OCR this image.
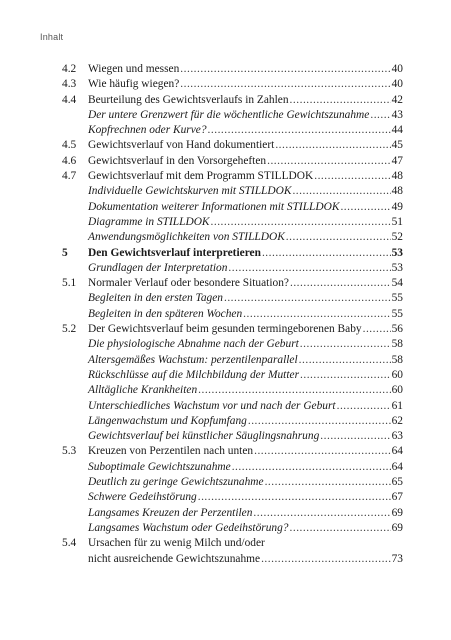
Inhalt
4.2	Wiegen und messen .....	40
4.3	Wie häufig wiegen? .....	40
4.4	Beurteilung des Gewichtsverlaufs in Zahlen .....	42
Der untere Grenzwert für die wöchentliche Gewichtszunahme ..... 43
Kopfrechnen oder Kurve? .....	44
4.5	Gewichtsverlauf von Hand dokumentiert .....	45
4.6	Gewichtsverlauf in den Vorsorgeheften .....	47
4.7	Gewichtsverlauf mit dem Programm STILLDOK .....	48
Individuelle Gewichtskurven mit STILLDOK .....	48
Dokumentation weiterer Informationen mit STILLDOK .....	49
Diagramme in STILLDOK .....	51
Anwendungsmöglichkeiten von STILLDOK .....	52
5	Den Gewichtsverlauf interpretieren .....	53
Grundlagen der Interpretation .....	53
5.1	Normaler Verlauf oder besondere Situation? .....	54
Begleiten in den ersten Tagen .....	55
Begleiten in den späteren Wochen .....	55
5.2	Der Gewichtsverlauf beim gesunden termingeborenen Baby .....	56
Die physiologische Abnahme nach der Geburt .....	58
Altersgemäßes Wachstum: perzentilenparallel .....	58
Rückschlüsse auf die Milchbildung der Mutter .....	60
Alltägliche Krankheiten .....	60
Unterschiedliches Wachstum vor und nach der Geburt .....	61
Längenwachstum und Kopfumfang .....	62
Gewichtsverlauf bei künstlicher Säuglingsnahrung .....	63
5.3	Kreuzen von Perzentilen nach unten .....	64
Suboptimale Gewichtszunahme .....	64
Deutlich zu geringe Gewichtszunahme .....	65
Schwere Gedeihstörung .....	67
Langsames Kreuzen der Perzentilen .....	69
Langsames Wachstum oder Gedeihstörung? .....	69
5.4	Ursachen für zu wenig Milch und/oder
nicht ausreichende Gewichtszunahme .....	73
